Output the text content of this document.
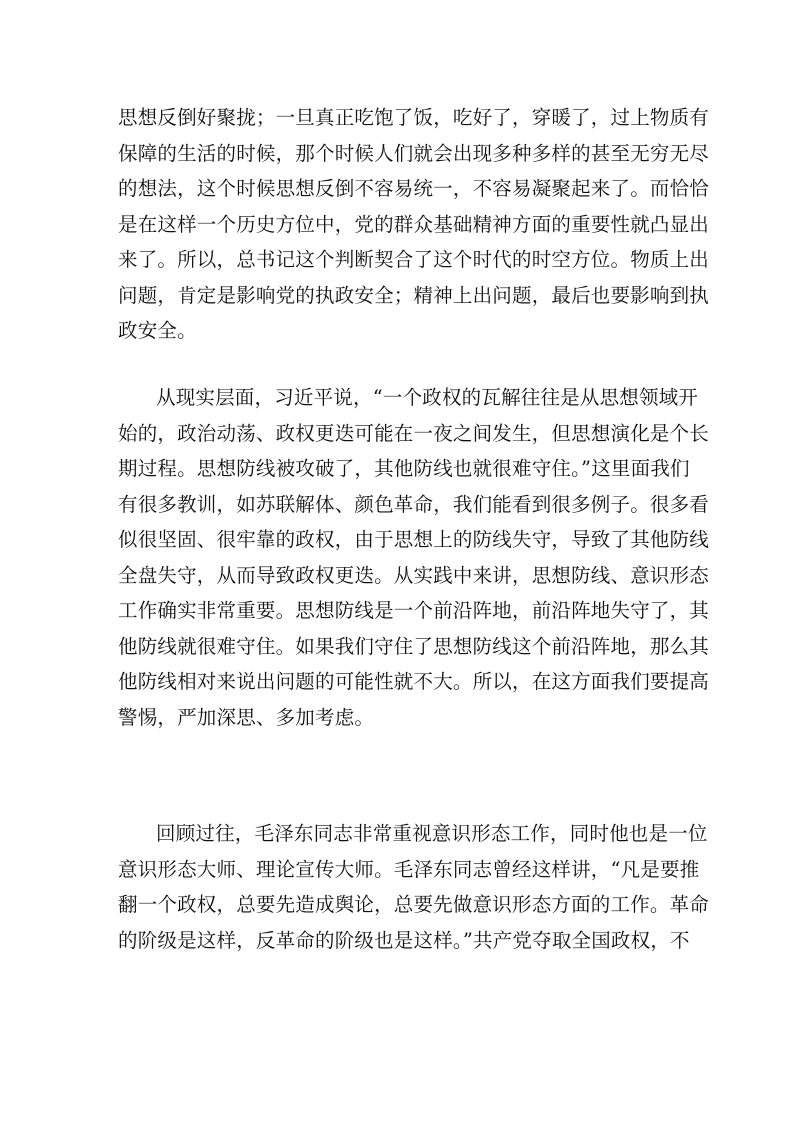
思想反倒好聚拢；一旦真正吃饱了饭，吃好了，穿暖了，过上物质有
保障的生活的时候，那个时候人们就会出现多种多样的甚至无穷无尽
的想法，这个时候思想反倒不容易统一，不容易凝聚起来了。而恰恰
是在这样一个历史方位中，党的群众基础精神方面的重要性就凸显出
来了。所以，总书记这个判断契合了这个时代的时空方位。物质上出
问题，肯定是影响党的执政安全；精神上出问题，最后也要影响到执
政安全。
从现实层面，习近平说，“一个政权的瓦解往往是从思想领域开
始的，政治动荡、政权更迭可能在一夜之间发生，但思想演化是个长
期过程。思想防线被攻破了，其他防线也就很难守住。”这里面我们
有很多教训，如苏联解体、颜色革命，我们能看到很多例子。很多看
似很坚固、很牢靠的政权，由于思想上的防线失守，导致了其他防线
全盘失守，从而导致政权更迭。从实践中来讲，思想防线、意识形态
工作确实非常重要。思想防线是一个前沿阵地，前沿阵地失守了，其
他防线就很难守住。如果我们守住了思想防线这个前沿阵地，那么其
他防线相对来说出问题的可能性就不大。所以，在这方面我们要提高
警惕，严加深思、多加考虑。
回顾过往，毛泽东同志非常重视意识形态工作，同时他也是一位
意识形态大师、理论宣传大师。毛泽东同志曾经这样讲，“凡是要推
翻一个政权，总要先造成舆论，总要先做意识形态方面的工作。革命
的阶级是这样，反革命的阶级也是这样。”共产党夺取全国政权，不
